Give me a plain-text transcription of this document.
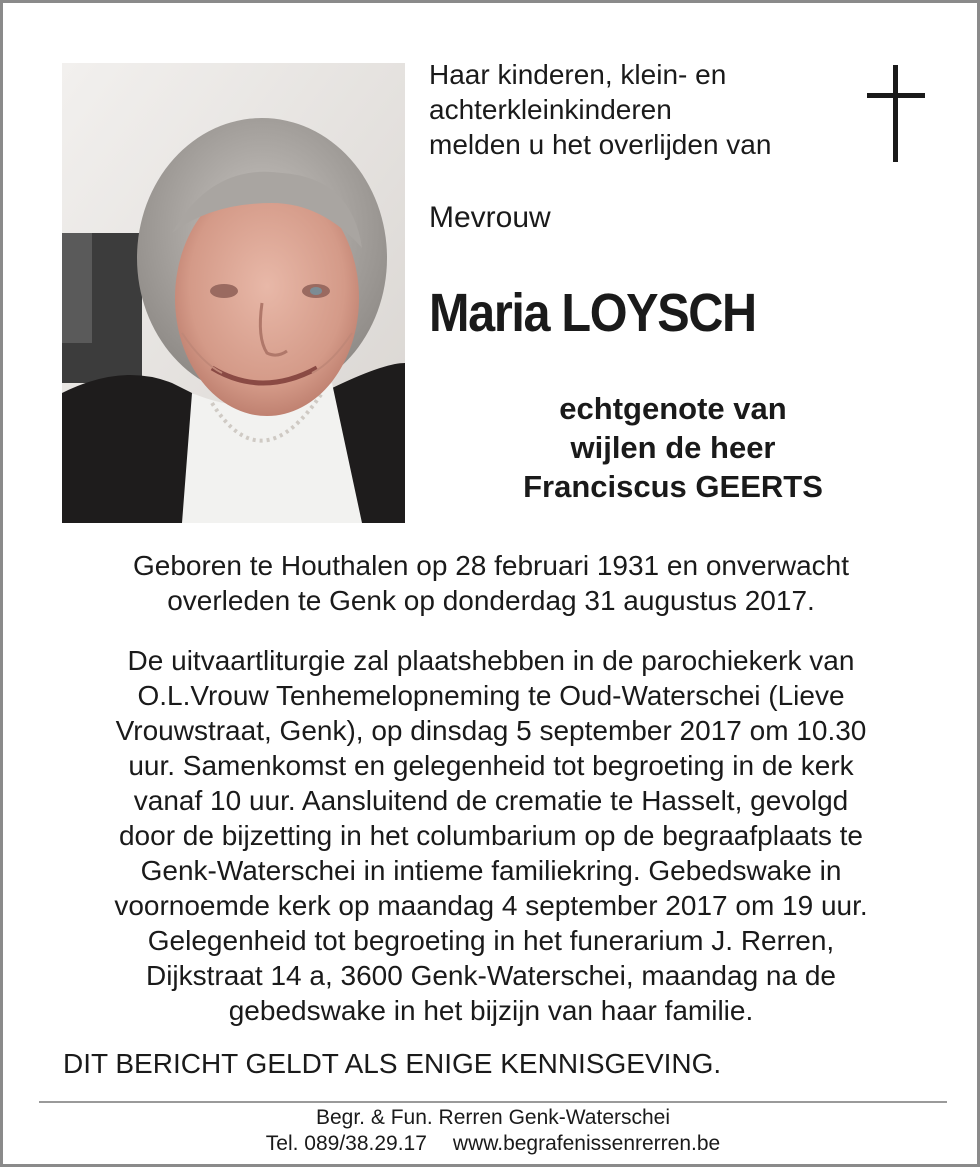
Haar kinderen, klein- en
achterkleinkinderen
melden u het overlijden van
Mevrouw
Maria LOYSCH
echtgenote van
wijlen de heer
Franciscus GEERTS
Geboren te Houthalen op 28 februari 1931 en onverwacht
overleden te Genk op donderdag 31 augustus 2017.
De uitvaartliturgie zal plaatshebben in de parochiekerk van
O.L.Vrouw Tenhemelopneming te Oud-Waterschei (Lieve
Vrouwstraat, Genk), op dinsdag 5 september 2017 om 10.30
uur. Samenkomst en gelegenheid tot begroeting in de kerk
vanaf 10 uur. Aansluitend de crematie te Hasselt, gevolgd
door de bijzetting in het columbarium op de begraafplaats te
Genk-Waterschei in intieme familiekring. Gebedswake in
voornoemde kerk op maandag 4 september 2017 om 19 uur.
Gelegenheid tot begroeting in het funerarium J. Rerren,
Dijkstraat 14 a, 3600 Genk-Waterschei, maandag na de
gebedswake in het bijzijn van haar familie.
DIT BERICHT GELDT ALS ENIGE KENNISGEVING.
Begr. & Fun. Rerren Genk-Waterschei
Tel. 089/38.29.17 www.begrafenissenrerren.be
